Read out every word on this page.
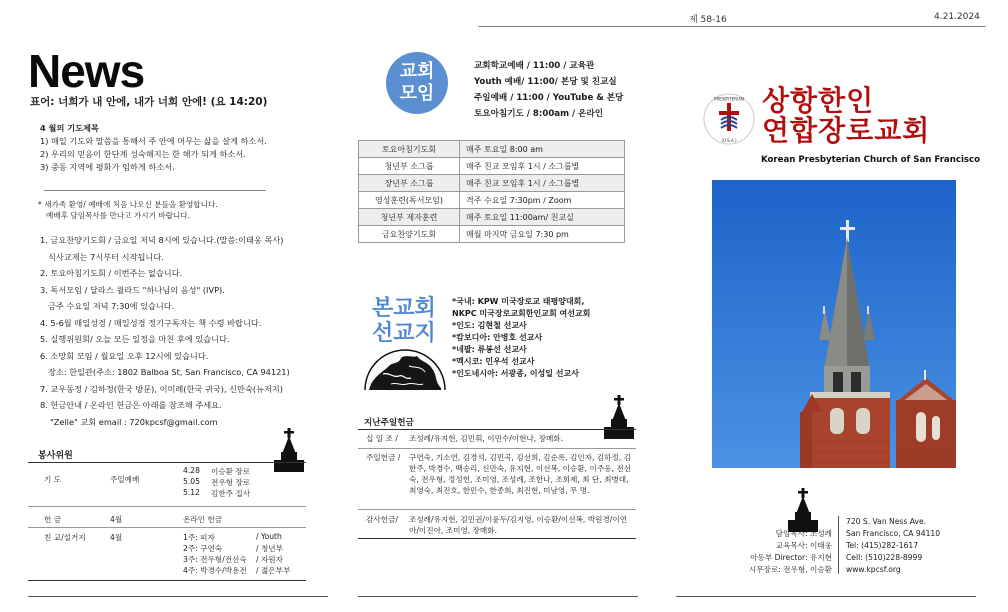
제 58-16	4.21.2024
News
표어: 너희가 내 안에, 내가 너희 안에! (요 14:20)
4 월의 기도제목
1) 매일 기도와 말씀을 통해서 주 안에 머무는 삶을 살게 하소서.
2) 우리의 믿음이 한단계 성숙해지는 한 해가 되게 하소서.
3) 중동 지역에 평화가 임하게 하소서.
* 새가족 환영/ 예배에 처음 나오신 분들을 환영합니다.
예배후 담임목사를 만나고 가시기 바랍니다.
1. 금요찬양기도회 / 금요일 저녁 8시에 있습니다.(말씀:이태웅 목사)
식사교제는 7시부터 시작됩니다.
2. 토요아침기도회 / 이번주는 없습니다.
3. 독서모임 / 달라스 윌라드 "하나님의 음성" (IVP).
금주 수요일 저녁 7:30에 있습니다.
4. 5-6월 매일성경 / 매일성경 정기구독자는 책 수령 바랍니다.
5. 실행위원회/ 오늘 모든 일정을 마친 후에 있습니다.
6. 소망회 모임 / 월요일 오후 12시에 있습니다.
장소: 한일관(주소: 1802 Balboa St, San Francisco, CA 94121)
7. 교우동정 / 김하정(한국 방문), 이미례(한국 귀국), 신만숙(뉴저지)
8. 헌금안내 / 온라인 헌금은 아래를 참조해 주세요.
"Zelle" 교회 email : 720kpcsf@gmail.com
봉사위원
기 도	주일예배
4.28 이승환 장로
5.05 전우형 장로
5.12 김한주 집사
헌 금	4월	온라인 헌금
친 교/설거지	4월	1주: 피자	/ Youth
2주: 구연숙	/ 청년부
3주: 전우형/전선숙 / 자원자
4주: 박경수/박용전 / 젊은부부
교회
모임
교회학교예배 / 11:00 / 교육관
Youth 예배/ 11:00/ 본당 및 친교실
주일예배 / 11:00 / YouTube & 본당
토요아침기도 / 8:00am / 온라인
토요아침기도회	매주 토요일 8:00 am
청년부 소그룹	매주 친교 모임후 1시 / 소그룹별
장년부 소그룹	매주 친교 모임후 1시 / 소그룹별
영성훈련(독서모임)	격주 수요일 7:30pm / Zoom
청년부 제자훈련	매주 토요일 11:00am/ 친교실
금요찬양기도회	매월 마지막 금요일 7:30 pm
본교회
선교지
*국내: KPW 미국장로교 태평양대회,
NKPC 미국장로교회한인교회 여선교회
*인도: 김현철 선교사
*캄보디아: 안병호 선교사
*네팔: 류봉선 선교사
*멕시코: 민우석 선교사
*인도네시아: 서광종, 이성일 선교사
지난주일헌금
십 일 조 / 조성례/유지현, 김민휘, 이민수/이현나, 장매화.
주일헌금 / 구연숙, 기소연, 김경석, 김민곡, 김선희, 김순록, 김인자, 김하정, 김한주, 박경수, 백승리, 신만숙, 유지현, 이선복, 이승환, 이주웅, 전선숙, 전우형, 정성헌, 조미영, 조성례, 조한나, 조희제, 최 단, 최병대, 최영숙, 최진호, 한민수, 한종희, 최진현, 미남영, 무 명.
감사헌금/ 조성례/유지현, 김민권/이윤두/김지영, 이승환/이선복, 박원경/이연아/이진아, 조미영, 장매화.
PRESBYTERIAN
(U.S.A.)
상항한인
연합장로교회
Korean Presbyterian Church of San Francisco
담임목사: 조성례
교육목사: 이태웅
아동부 Director: 유지현
시무장로: 전우형, 이승환
720 S. Van Ness Ave.
San Francisco, CA 94110
Tel: (415)282-1617
Cell: (510)228-8999
www.kpcsf.org
